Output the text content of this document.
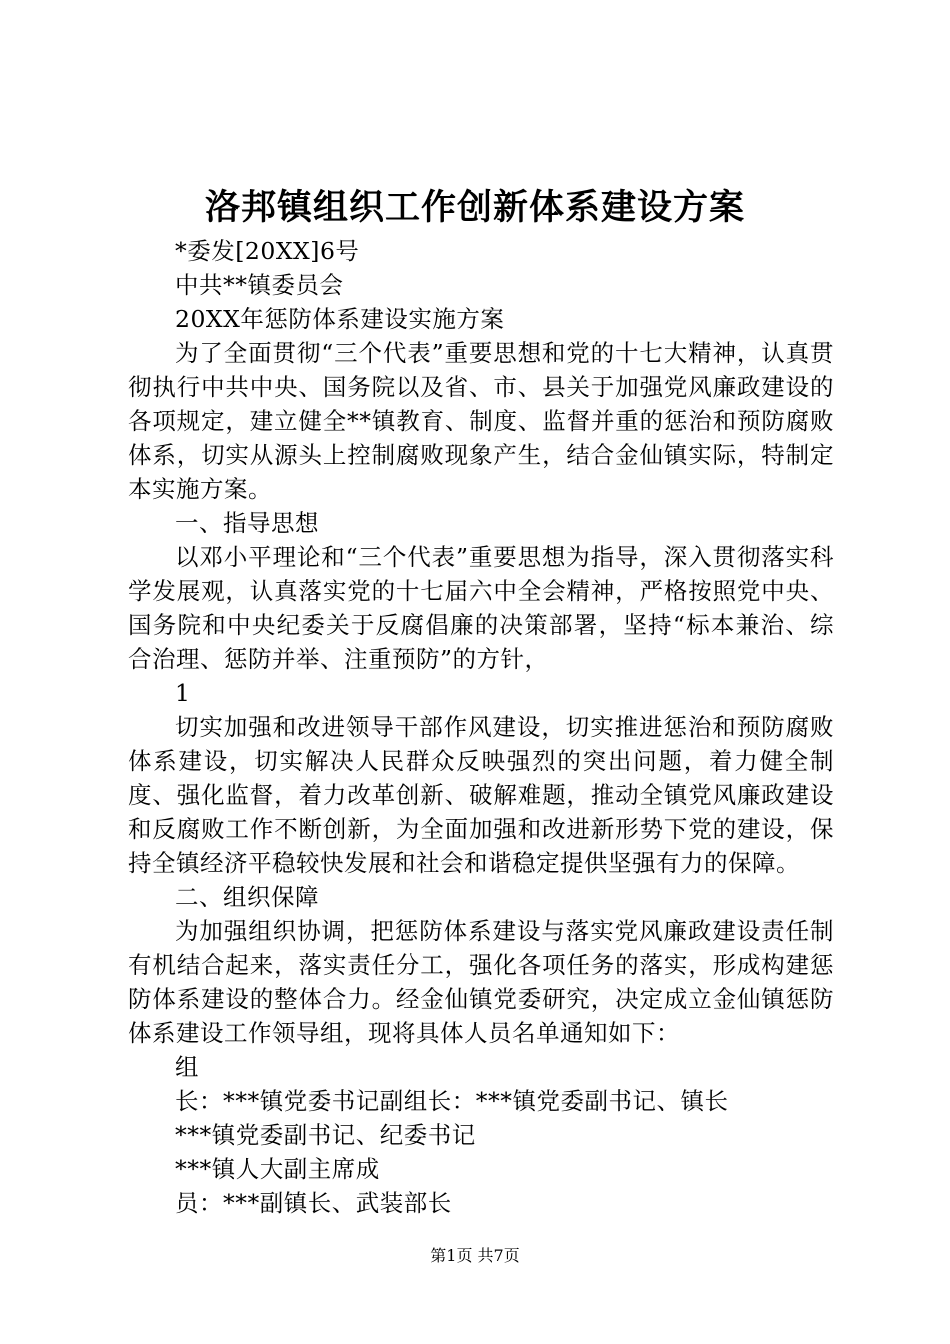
洛邦镇组织工作创新体系建设方案

*委发[20XX]6号

中共**镇委员会

20XX年惩防体系建设实施方案

为了全面贯彻“三个代表”重要思想和党的十七大精神，认真贯彻执行中共中央、国务院以及省、市、县关于加强党风廉政建设的各项规定，建立健全**镇教育、制度、监督并重的惩治和预防腐败体系，切实从源头上控制腐败现象产生，结合金仙镇实际，特制定本实施方案。

一、指导思想

以邓小平理论和“三个代表”重要思想为指导，深入贯彻落实科学发展观，认真落实党的十七届六中全会精神，严格按照党中央、国务院和中央纪委关于反腐倡廉的决策部署，坚持“标本兼治、综合治理、惩防并举、注重预防”的方针，

1

切实加强和改进领导干部作风建设，切实推进惩治和预防腐败体系建设，切实解决人民群众反映强烈的突出问题，着力健全制度、强化监督，着力改革创新、破解难题，推动全镇党风廉政建设和反腐败工作不断创新，为全面加强和改进新形势下党的建设，保持全镇经济平稳较快发展和社会和谐稳定提供坚强有力的保障。

二、组织保障

为加强组织协调，把惩防体系建设与落实党风廉政建设责任制有机结合起来，落实责任分工，强化各项任务的落实，形成构建惩防体系建设的整体合力。经金仙镇党委研究，决定成立金仙镇惩防体系建设工作领导组，现将具体人员名单通知如下：

组

长：***镇党委书记副组长：***镇党委副书记、镇长

***镇党委副书记、纪委书记

***镇人大副主席成

员：***副镇长、武装部长

第1页 共7页
